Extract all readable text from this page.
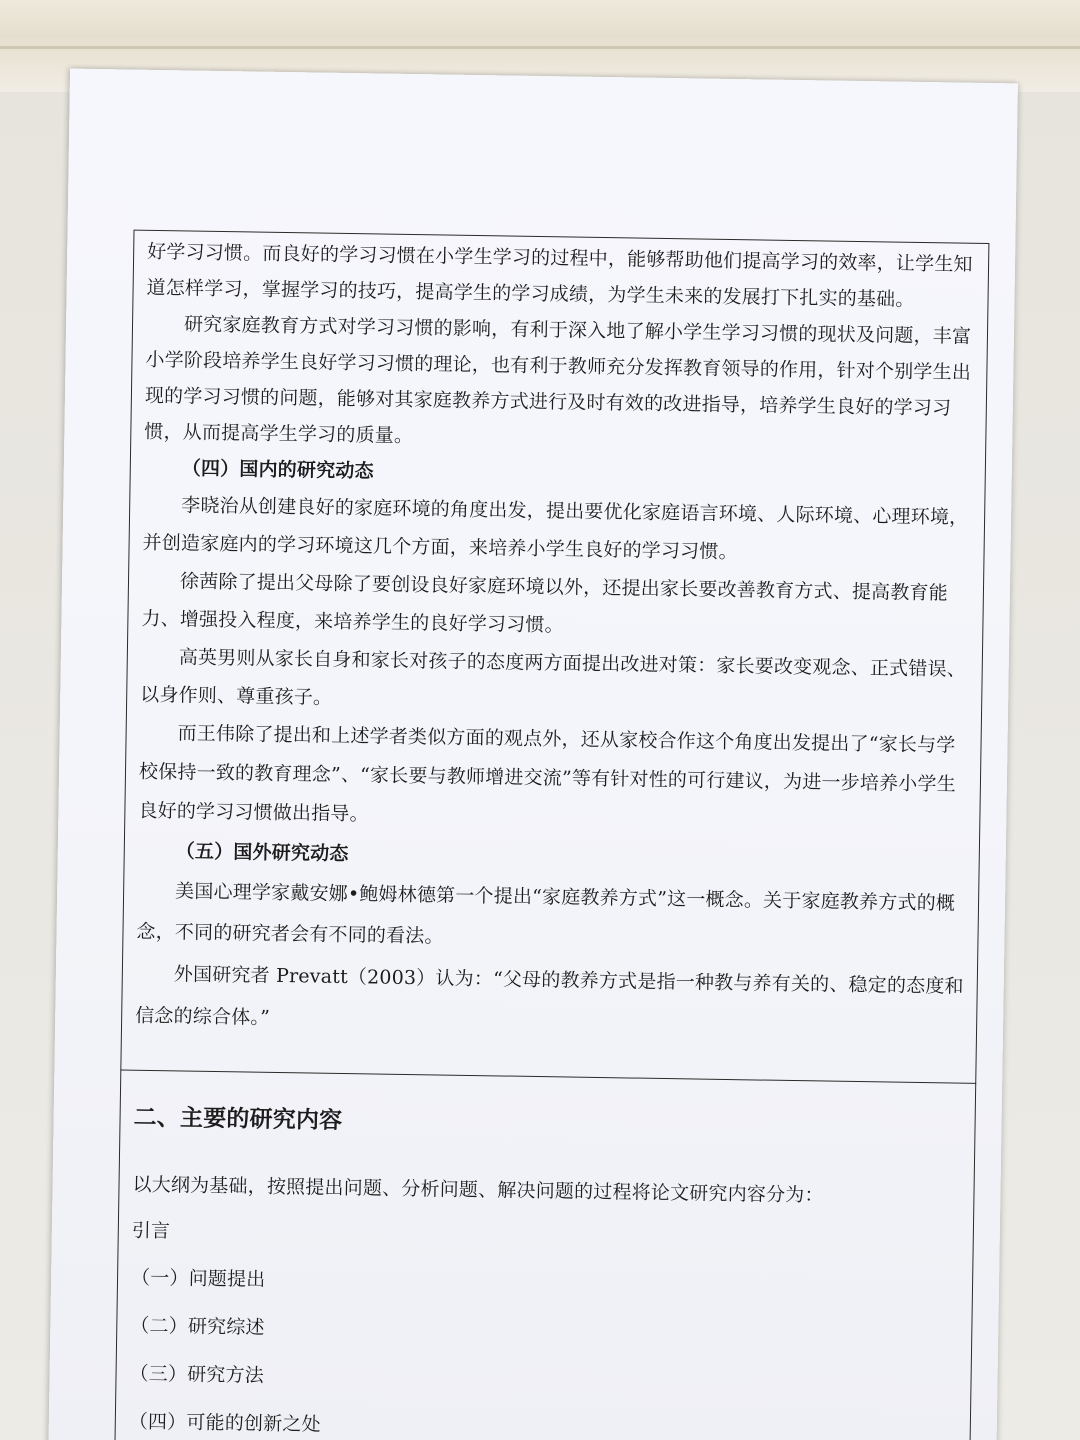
好学习习惯。而良好的学习习惯在小学生学习的过程中，能够帮助他们提高学习的效率，让学生知道怎样学习，掌握学习的技巧，提高学生的学习成绩，为学生未来的发展打下扎实的基础。

研究家庭教育方式对学习习惯的影响，有利于深入地了解小学生学习习惯的现状及问题，丰富小学阶段培养学生良好学习习惯的理论，也有利于教师充分发挥教育领导的作用，针对个别学生出现的学习习惯的问题，能够对其家庭教养方式进行及时有效的改进指导，培养学生良好的学习习惯，从而提高学生学习的质量。

（四）国内的研究动态

李晓治从创建良好的家庭环境的角度出发，提出要优化家庭语言环境、人际环境、心理环境，并创造家庭内的学习环境这几个方面，来培养小学生良好的学习习惯。

徐茜除了提出父母除了要创设良好家庭环境以外，还提出家长要改善教育方式、提高教育能力、增强投入程度，来培养学生的良好学习习惯。

高英男则从家长自身和家长对孩子的态度两方面提出改进对策：家长要改变观念、正式错误、以身作则、尊重孩子。

而王伟除了提出和上述学者类似方面的观点外，还从家校合作这个角度出发提出了“家长与学校保持一致的教育理念”、“家长要与教师增进交流”等有针对性的可行建议，为进一步培养小学生良好的学习习惯做出指导。

（五）国外研究动态

美国心理学家戴安娜•鲍姆林德第一个提出“家庭教养方式”这一概念。关于家庭教养方式的概念，不同的研究者会有不同的看法。

外国研究者 Prevatt（2003）认为：“父母的教养方式是指一种教与养有关的、稳定的态度和信念的综合体。”

二、主要的研究内容

以大纲为基础，按照提出问题、分析问题、解决问题的过程将论文研究内容分为：

引言

（一）问题提出

（二）研究综述

（三）研究方法

（四）可能的创新之处
